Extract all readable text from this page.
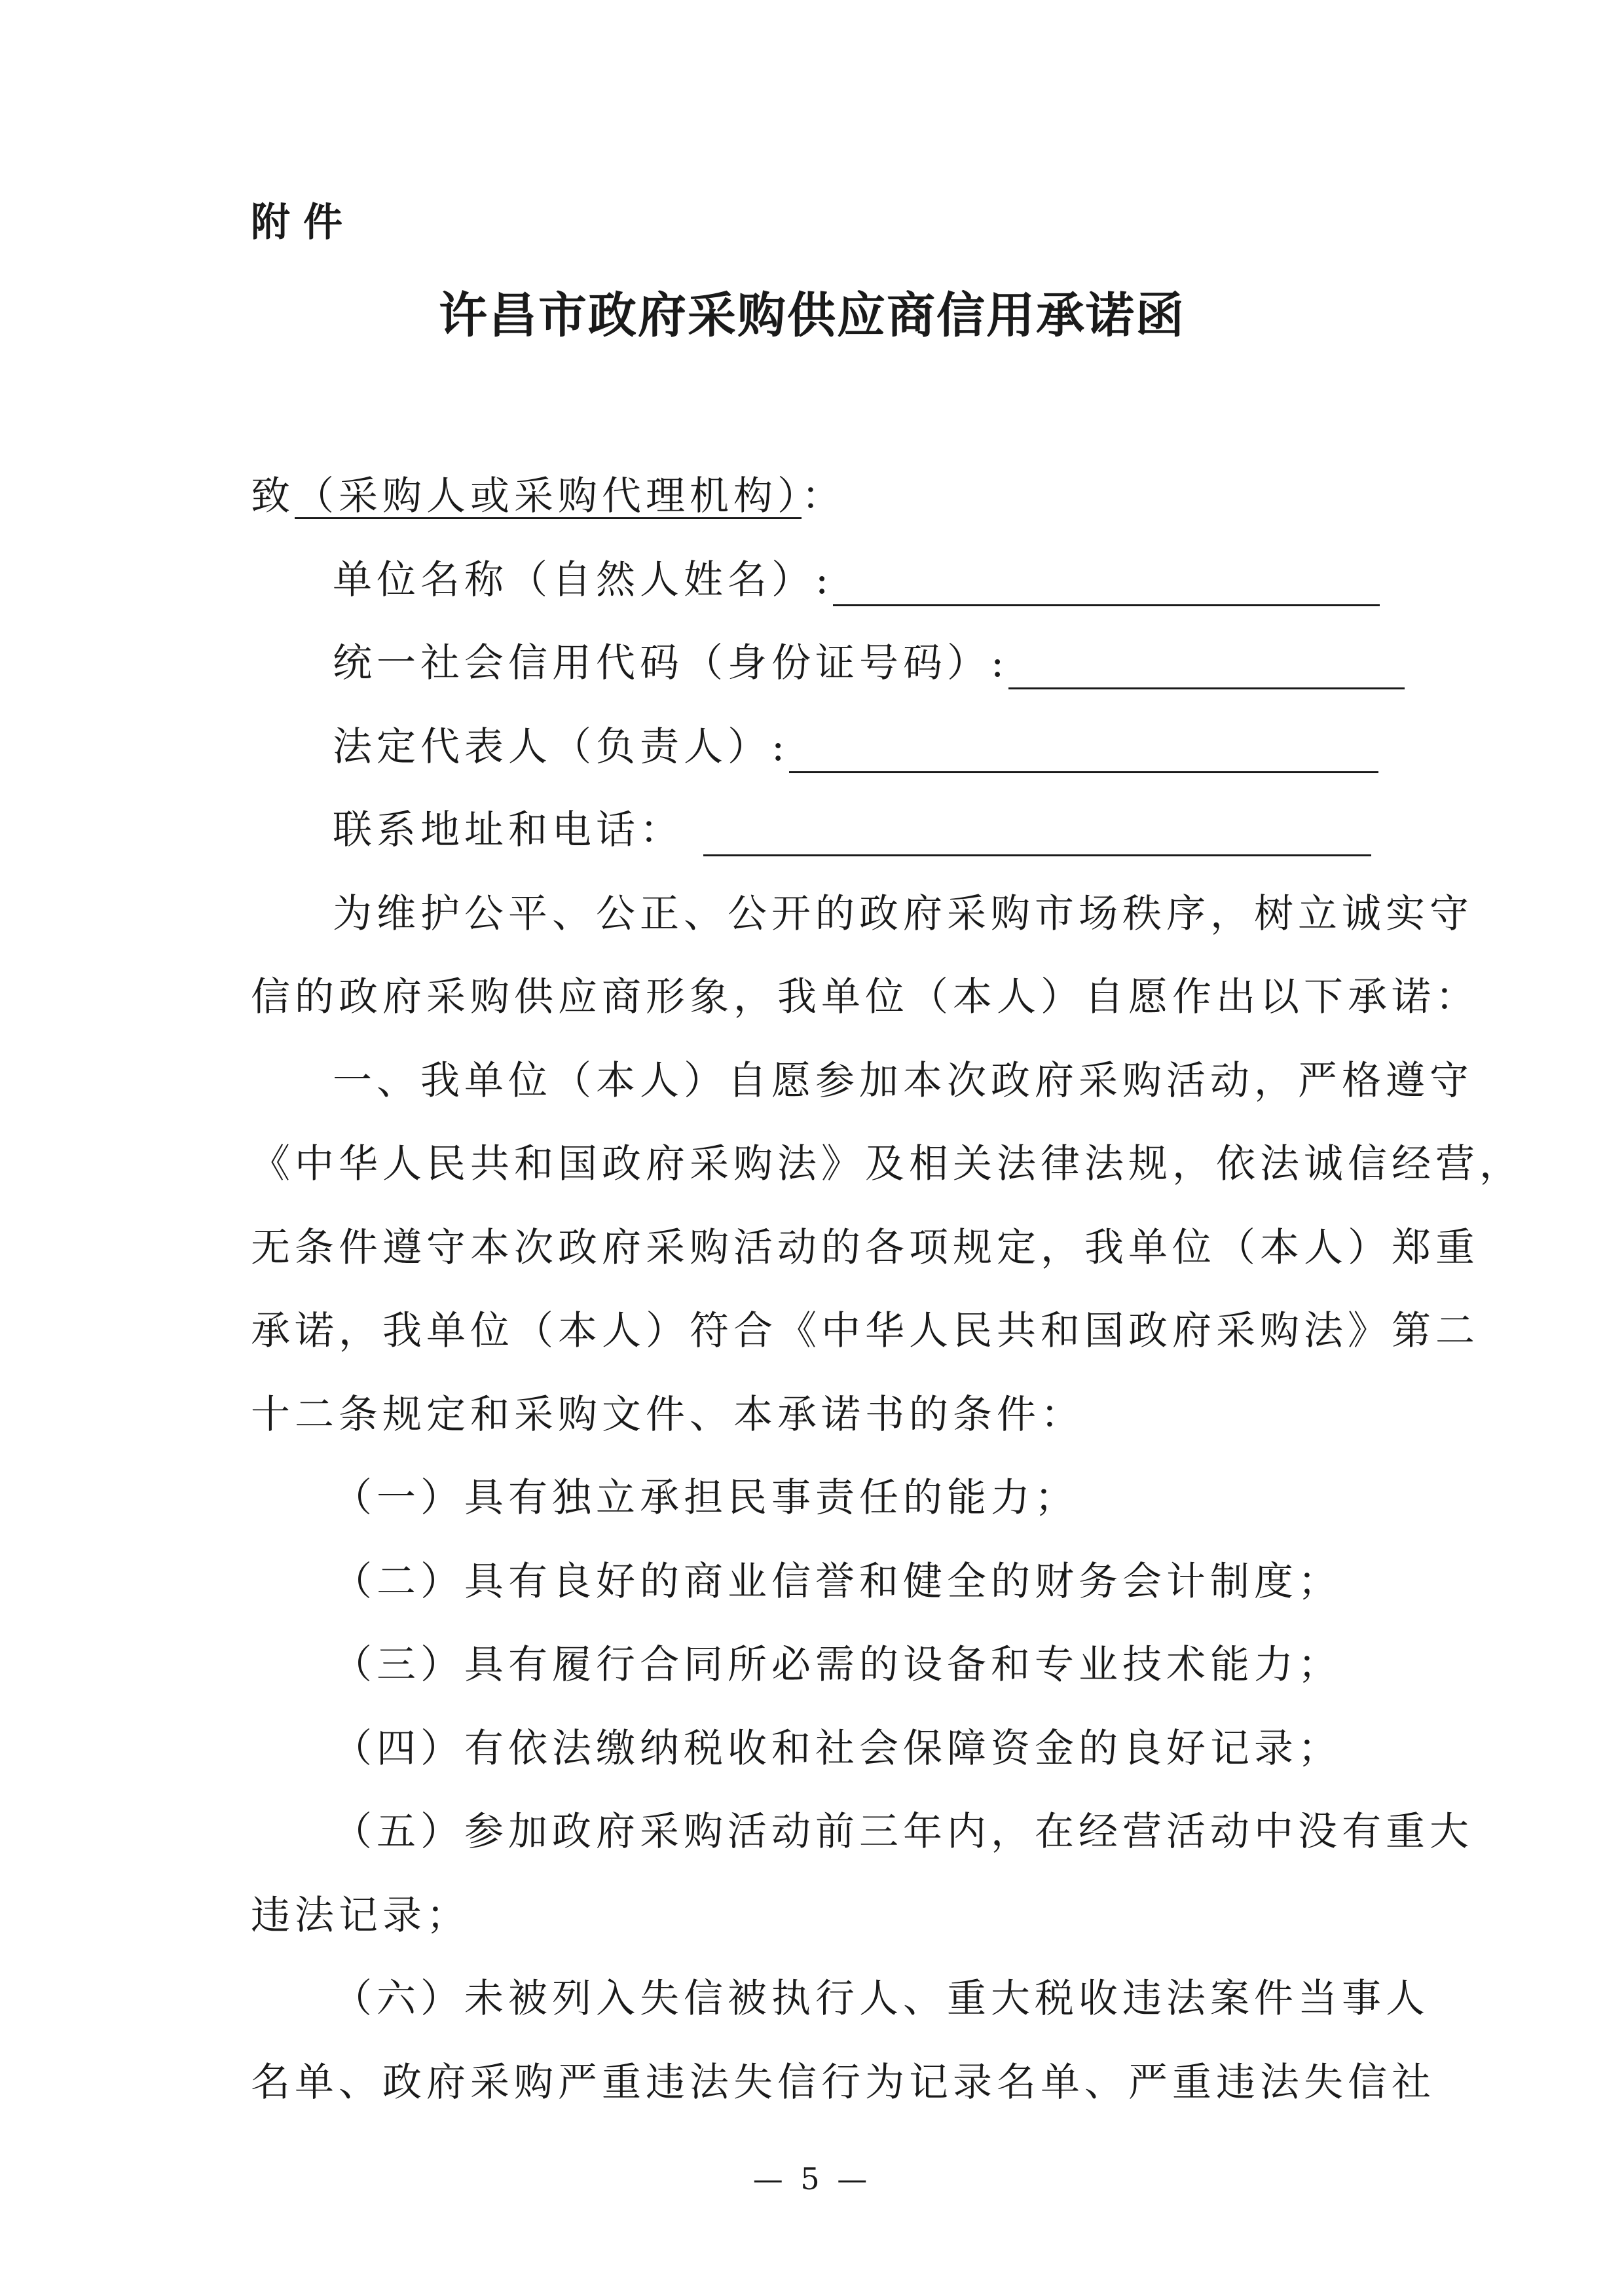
附件
许昌市政府采购供应商信用承诺函
致（采购人或采购代理机构）：
单位名称（自然人姓名）:
统一社会信用代码（身份证号码）:
法定代表人（负责人）:
联系地址和电话：
为维护公平、公正、公开的政府采购市场秩序，树立诚实守
信的政府采购供应商形象，我单位（本人）自愿作出以下承诺：
一、我单位（本人）自愿参加本次政府采购活动，严格遵守
《中华人民共和国政府采购法》及相关法律法规，依法诚信经营，
无条件遵守本次政府采购活动的各项规定，我单位（本人）郑重
承诺，我单位（本人）符合《中华人民共和国政府采购法》第二
十二条规定和采购文件、本承诺书的条件：
（一）具有独立承担民事责任的能力；
（二）具有良好的商业信誉和健全的财务会计制度；
（三）具有履行合同所必需的设备和专业技术能力；
（四）有依法缴纳税收和社会保障资金的良好记录；
（五）参加政府采购活动前三年内，在经营活动中没有重大
违法记录；
（六）未被列入失信被执行人、重大税收违法案件当事人
名单、政府采购严重违法失信行为记录名单、严重违法失信社
— 5 —
